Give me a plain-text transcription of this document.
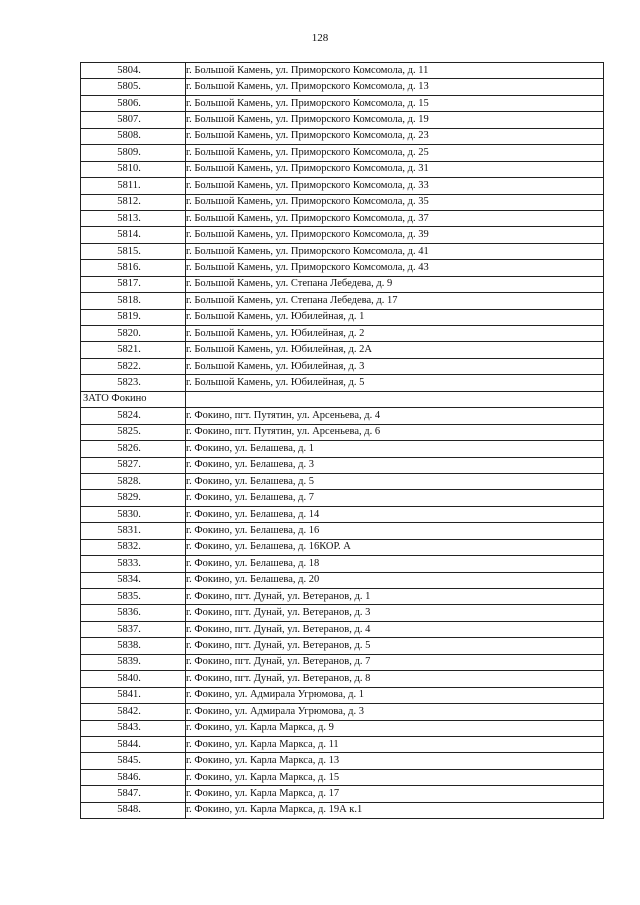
128
5804.	г. Большой Камень, ул. Приморского Комсомола, д. 11
5805.	г. Большой Камень, ул. Приморского Комсомола, д. 13
5806.	г. Большой Камень, ул. Приморского Комсомола, д. 15
5807.	г. Большой Камень, ул. Приморского Комсомола, д. 19
5808.	г. Большой Камень, ул. Приморского Комсомола, д. 23
5809.	г. Большой Камень, ул. Приморского Комсомола, д. 25
5810.	г. Большой Камень, ул. Приморского Комсомола, д. 31
5811.	г. Большой Камень, ул. Приморского Комсомола, д. 33
5812.	г. Большой Камень, ул. Приморского Комсомола, д. 35
5813.	г. Большой Камень, ул. Приморского Комсомола, д. 37
5814.	г. Большой Камень, ул. Приморского Комсомола, д. 39
5815.	г. Большой Камень, ул. Приморского Комсомола, д. 41
5816.	г. Большой Камень, ул. Приморского Комсомола, д. 43
5817.	г. Большой Камень, ул. Степана Лебедева, д. 9
5818.	г. Большой Камень, ул. Степана Лебедева, д. 17
5819.	г. Большой Камень, ул. Юбилейная, д. 1
5820.	г. Большой Камень, ул. Юбилейная, д. 2
5821.	г. Большой Камень, ул. Юбилейная, д. 2А
5822.	г. Большой Камень, ул. Юбилейная, д. 3
5823.	г. Большой Камень, ул. Юбилейная, д. 5
ЗАТО Фокино	
5824.	г. Фокино, пгт. Путятин, ул. Арсеньева, д. 4
5825.	г. Фокино, пгт. Путятин, ул. Арсеньева, д. 6
5826.	г. Фокино, ул. Белашева, д. 1
5827.	г. Фокино, ул. Белашева, д. 3
5828.	г. Фокино, ул. Белашева, д. 5
5829.	г. Фокино, ул. Белашева, д. 7
5830.	г. Фокино, ул. Белашева, д. 14
5831.	г. Фокино, ул. Белашева, д. 16
5832.	г. Фокино, ул. Белашева, д. 16КОР. А
5833.	г. Фокино, ул. Белашева, д. 18
5834.	г. Фокино, ул. Белашева, д. 20
5835.	г. Фокино, пгт. Дунай, ул. Ветеранов, д. 1
5836.	г. Фокино, пгт. Дунай, ул. Ветеранов, д. 3
5837.	г. Фокино, пгт. Дунай, ул. Ветеранов, д. 4
5838.	г. Фокино, пгт. Дунай, ул. Ветеранов, д. 5
5839.	г. Фокино, пгт. Дунай, ул. Ветеранов, д. 7
5840.	г. Фокино, пгт. Дунай, ул. Ветеранов, д. 8
5841.	г. Фокино, ул. Адмирала Угрюмова, д. 1
5842.	г. Фокино, ул. Адмирала Угрюмова, д. 3
5843.	г. Фокино, ул. Карла Маркса, д. 9
5844.	г. Фокино, ул. Карла Маркса, д. 11
5845.	г. Фокино, ул. Карла Маркса, д. 13
5846.	г. Фокино, ул. Карла Маркса, д. 15
5847.	г. Фокино, ул. Карла Маркса, д. 17
5848.	г. Фокино, ул. Карла Маркса, д. 19А к.1
